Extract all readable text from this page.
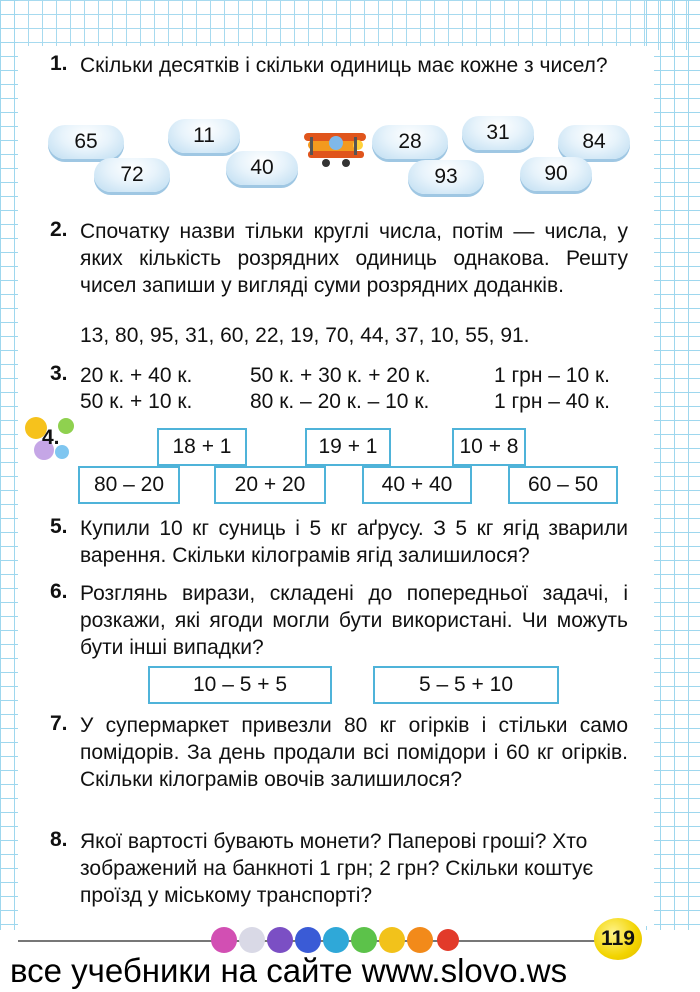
1. Скільки десятків і скільки одиниць має кожне з чисел?
65	11
72	40
28	31
93
84
90
2. Спочатку назви тільки круглі числа, потім — числа, у яких кількість розрядних одиниць однакова. Решту чисел запиши у вигляді суми розрядних доданків.
13, 80, 95, 31, 60, 22, 19, 70, 44, 37, 10, 55, 91.
3. 20 к. + 40 к.	50 к. + 30 к. + 20 к.	1 грн – 10 к.
50 к. + 10 к.	80 к. – 20 к. – 10 к.	1 грн – 40 к.
4.	18 + 1	19 + 1	10 + 8
80 – 20	20 + 20	40 + 40	60 – 50
5. Купили 10 кг суниць і 5 кг аґрусу. З 5 кг ягід зварили варення. Скільки кілограмів ягід залишилося?
6. Розглянь вирази, складені до попередньої задачі, і розкажи, які ягоди могли бути використані. Чи можуть бути інші випадки?
10 – 5 + 5	5 – 5 + 10
7. У супермаркет привезли 80 кг огірків і стільки само помідорів. За день продали всі помідори і 60 кг огірків. Скільки кілограмів овочів залишилося?
8. Якої вартості бувають монети? Паперові гроші? Хто зображений на банкноті 1 грн; 2 грн? Скільки коштує проїзд у міському транспорті?
119
все учебники на сайте www.slovo.ws
